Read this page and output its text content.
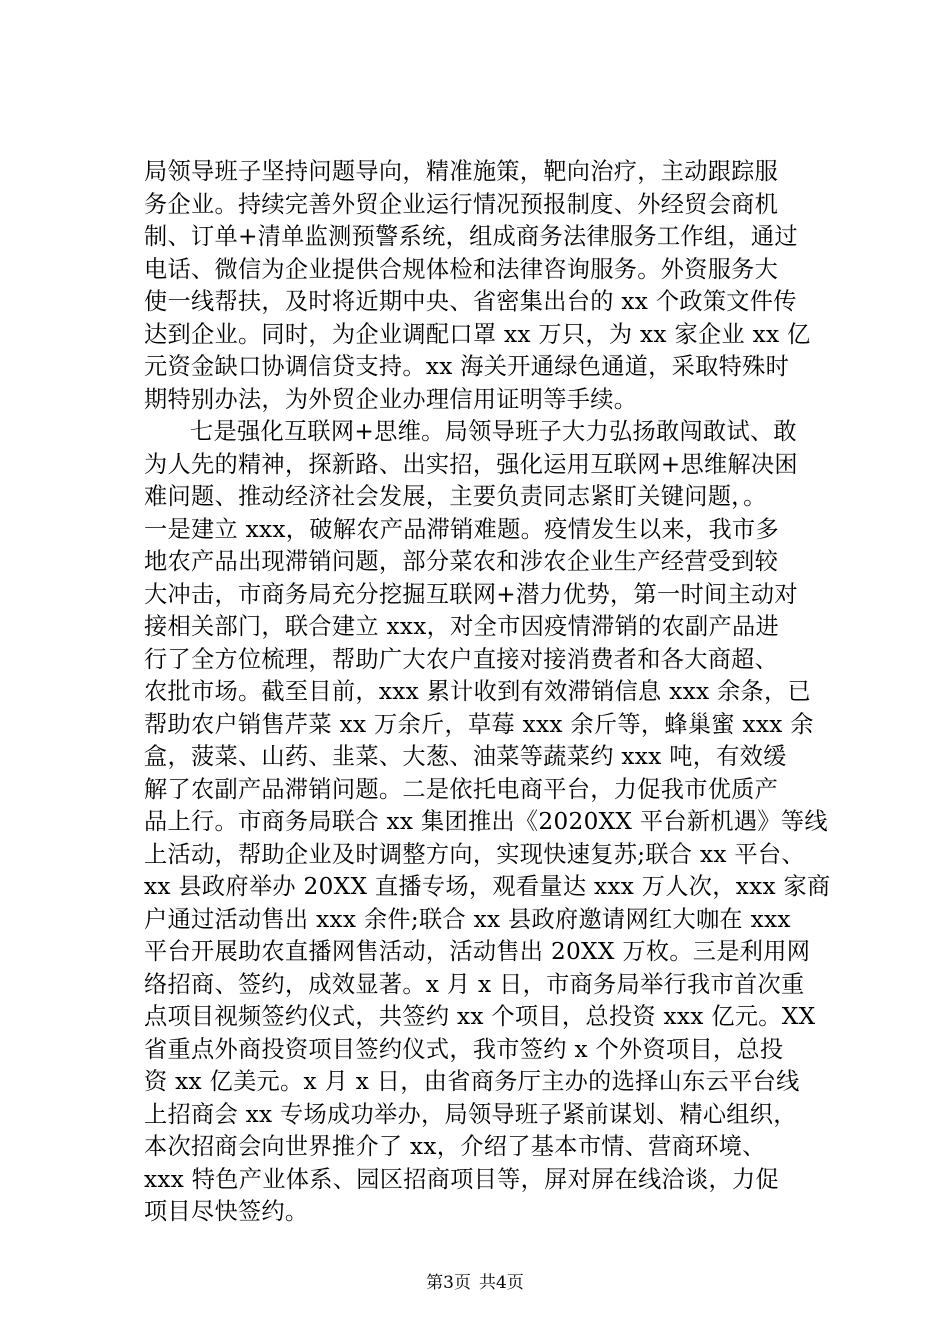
局领导班子坚持问题导向，精准施策，靶向治疗，主动跟踪服
务企业。持续完善外贸企业运行情况预报制度、外经贸会商机
制、订单+清单监测预警系统，组成商务法律服务工作组，通过
电话、微信为企业提供合规体检和法律咨询服务。外资服务大
使一线帮扶，及时将近期中央、省密集出台的 xx 个政策文件传
达到企业。同时，为企业调配口罩 xx 万只，为 xx 家企业 xx 亿
元资金缺口协调信贷支持。xx 海关开通绿色通道，采取特殊时
期特别办法，为外贸企业办理信用证明等手续。
七是强化互联网+思维。局领导班子大力弘扬敢闯敢试、敢
为人先的精神，探新路、出实招，强化运用互联网+思维解决困
难问题、推动经济社会发展，主要负责同志紧盯关键问题，。
一是建立 xxx，破解农产品滞销难题。疫情发生以来，我市多
地农产品出现滞销问题，部分菜农和涉农企业生产经营受到较
大冲击，市商务局充分挖掘互联网+潜力优势，第一时间主动对
接相关部门，联合建立 xxx，对全市因疫情滞销的农副产品进
行了全方位梳理，帮助广大农户直接对接消费者和各大商超、
农批市场。截至目前，xxx 累计收到有效滞销信息 xxx 余条，已
帮助农户销售芹菜 xx 万余斤，草莓 xxx 余斤等，蜂巢蜜 xxx 余
盒，菠菜、山药、韭菜、大葱、油菜等蔬菜约 xxx 吨，有效缓
解了农副产品滞销问题。二是依托电商平台，力促我市优质产
品上行。市商务局联合 xx 集团推出《2020XX 平台新机遇》等线
上活动，帮助企业及时调整方向，实现快速复苏;联合 xx 平台、
xx 县政府举办 20XX 直播专场，观看量达 xxx 万人次，xxx 家商
户通过活动售出 xxx 余件;联合 xx 县政府邀请网红大咖在 xxx
平台开展助农直播网售活动，活动售出 20XX 万枚。三是利用网
络招商、签约，成效显著。x 月 x 日，市商务局举行我市首次重
点项目视频签约仪式，共签约 xx 个项目，总投资 xxx 亿元。XX
省重点外商投资项目签约仪式，我市签约 x 个外资项目，总投
资 xx 亿美元。x 月 x 日，由省商务厅主办的选择山东云平台线
上招商会 xx 专场成功举办，局领导班子紧前谋划、精心组织，
本次招商会向世界推介了 xx，介绍了基本市情、营商环境、
xxx 特色产业体系、园区招商项目等，屏对屏在线洽谈，力促
项目尽快签约。
第3页 共4页
